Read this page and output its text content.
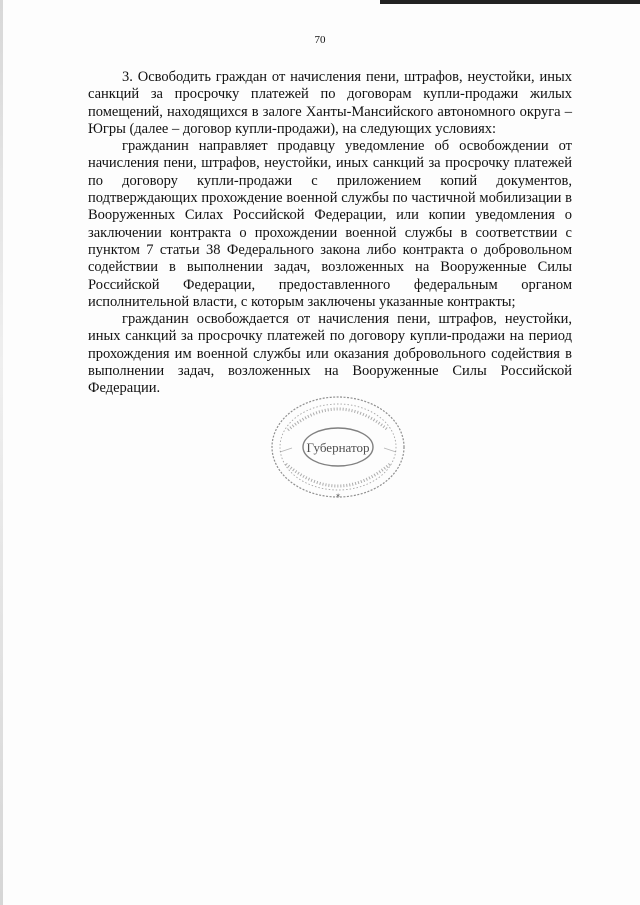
70

3. Освободить граждан от начисления пени, штрафов, неустойки, иных санкций за просрочку платежей по договорам купли-продажи жилых помещений, находящихся в залоге Ханты-Мансийского автономного округа – Югры (далее – договор купли-продажи), на следующих условиях:

гражданин направляет продавцу уведомление об освобождении от начисления пени, штрафов, неустойки, иных санкций за просрочку платежей по договору купли-продажи с приложением копий документов, подтверждающих прохождение военной службы по частичной мобилизации в Вооруженных Силах Российской Федерации, или копии уведомления о заключении контракта о прохождении военной службы в соответствии с пунктом 7 статьи 38 Федерального закона либо контракта о добровольном содействии в выполнении задач, возложенных на Вооруженные Силы Российской Федерации, предоставленного федеральным органом исполнительной власти, с которым заключены указанные контракты;

гражданин освобождается от начисления пени, штрафов, неустойки, иных санкций за просрочку платежей по договору купли-продажи на период прохождения им военной службы или оказания добровольного содействия в выполнении задач, возложенных на Вооруженные Силы Российской Федерации.

Губернатор
✶
